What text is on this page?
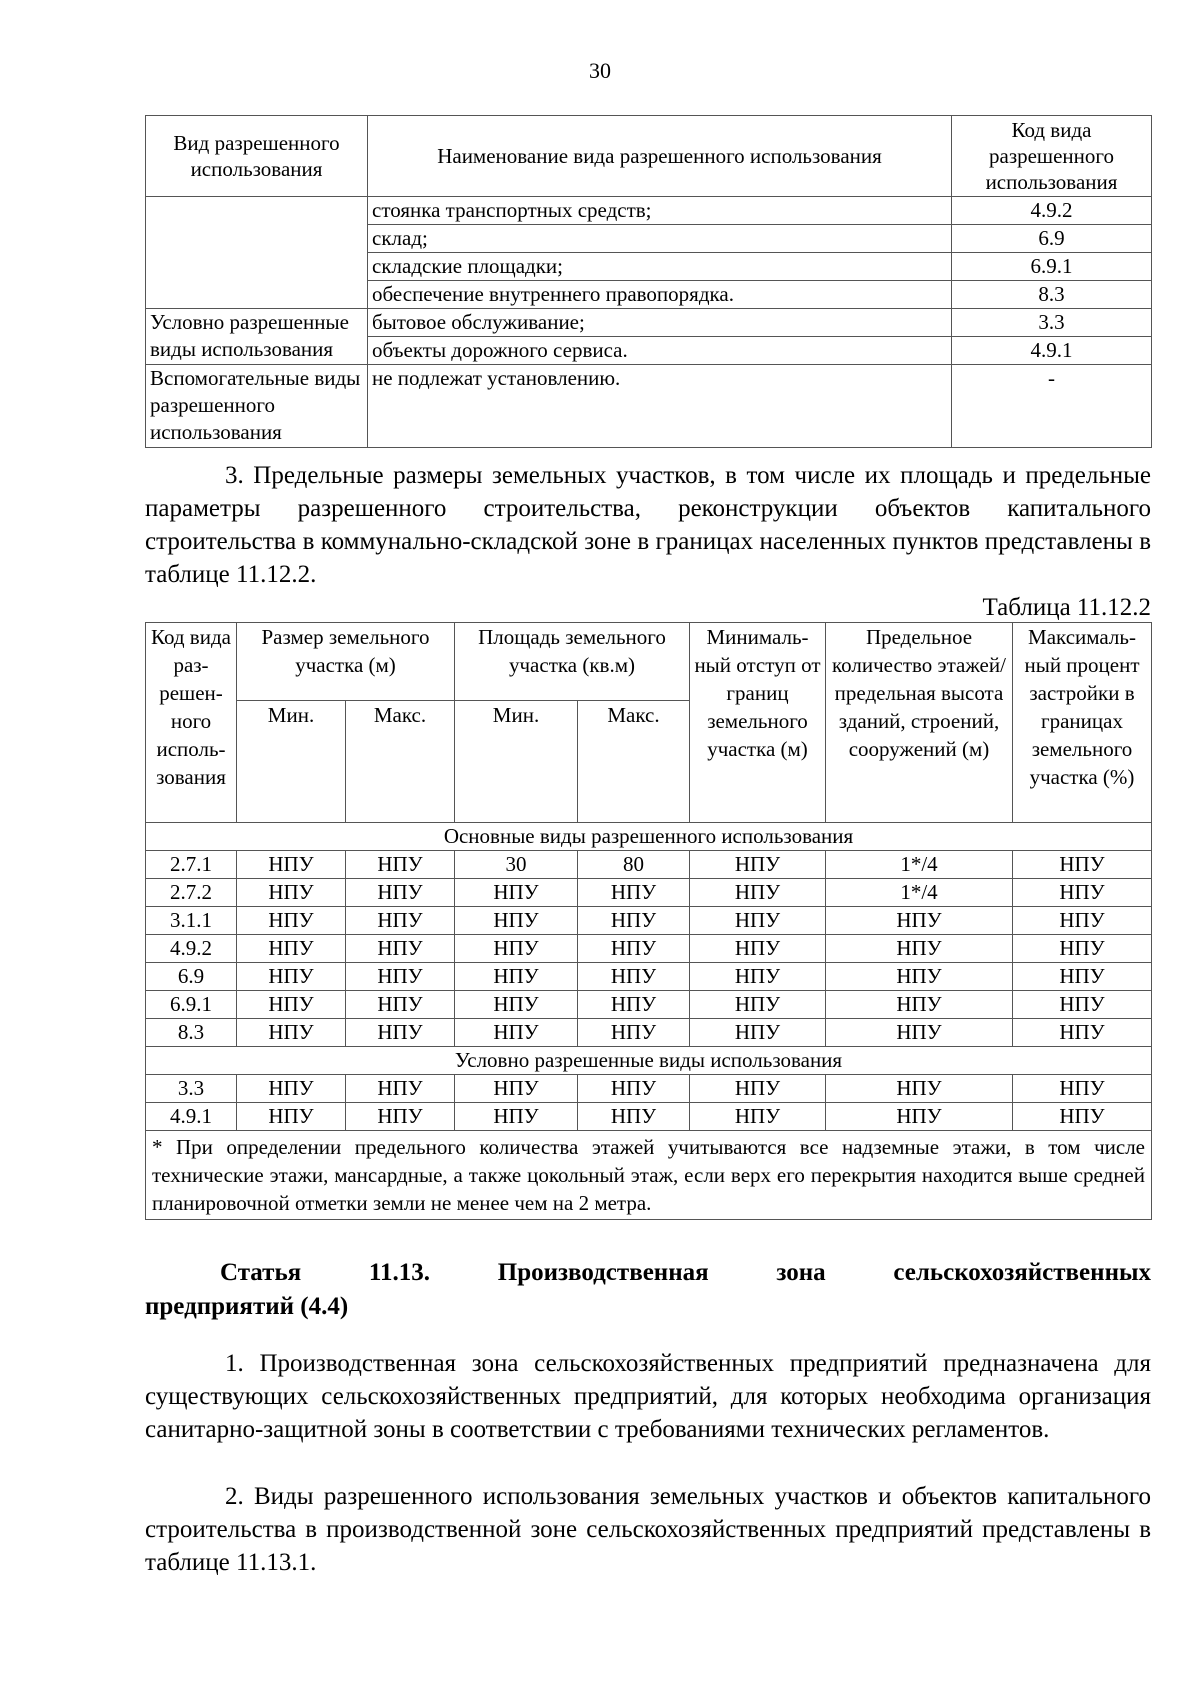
30
Вид разрешенного использования	Наименование вида разрешенного использования	Код вида разрешенного использования
	стоянка транспортных средств;	4.9.2
	склад;	6.9
	складские площадки;	6.9.1
	обеспечение внутреннего правопорядка.	8.3
Условно разрешенные виды использования	бытовое обслуживание;	3.3
	объекты дорожного сервиса.	4.9.1
Вспомогательные виды разрешенного использования	не подлежат установлению.	-

3. Предельные размеры земельных участков, в том числе их площадь и предельные параметры разрешенного строительства, реконструкции объектов капитального строительства в коммунально-складской зоне в границах населенных пунктов представлены в таблице 11.12.2.

Таблица 11.12.2
Код вида раз-решен-ного исполь-зования	Размер земельного участка (м)		Площадь земельного участка (кв.м)		Минималь-ный отступ от границ земельного участка (м)	Предельное количество этажей/ предельная высота зданий, строений, сооружений (м)	Максималь-ный процент застройки в границах земельного участка (%)
	Мин.	Макс.	Мин.	Макс.			
Основные виды разрешенного использования							
2.7.1	НПУ	НПУ	30	80	НПУ	1*/4	НПУ
2.7.2	НПУ	НПУ	НПУ	НПУ	НПУ	1*/4	НПУ
3.1.1	НПУ	НПУ	НПУ	НПУ	НПУ	НПУ	НПУ
4.9.2	НПУ	НПУ	НПУ	НПУ	НПУ	НПУ	НПУ
6.9	НПУ	НПУ	НПУ	НПУ	НПУ	НПУ	НПУ
6.9.1	НПУ	НПУ	НПУ	НПУ	НПУ	НПУ	НПУ
8.3	НПУ	НПУ	НПУ	НПУ	НПУ	НПУ	НПУ
Условно разрешенные виды использования							
3.3	НПУ	НПУ	НПУ	НПУ	НПУ	НПУ	НПУ
4.9.1	НПУ	НПУ	НПУ	НПУ	НПУ	НПУ	НПУ
* При определении предельного количества этажей учитываются все надземные этажи, в том числе технические этажи, мансардные, а также цокольный этаж, если верх его перекрытия находится выше средней планировочной отметки земли не менее чем на 2 метра.							
Статья 11.13. Производственная зона сельскохозяйственных
предприятий (4.4)

1. Производственная зона сельскохозяйственных предприятий предназначена для существующих сельскохозяйственных предприятий, для которых необходима организация санитарно-защитной зоны в соответствии с требованиями технических регламентов.

2. Виды разрешенного использования земельных участков и объектов капитального строительства в производственной зоне сельскохозяйственных предприятий представлены в таблице 11.13.1.
